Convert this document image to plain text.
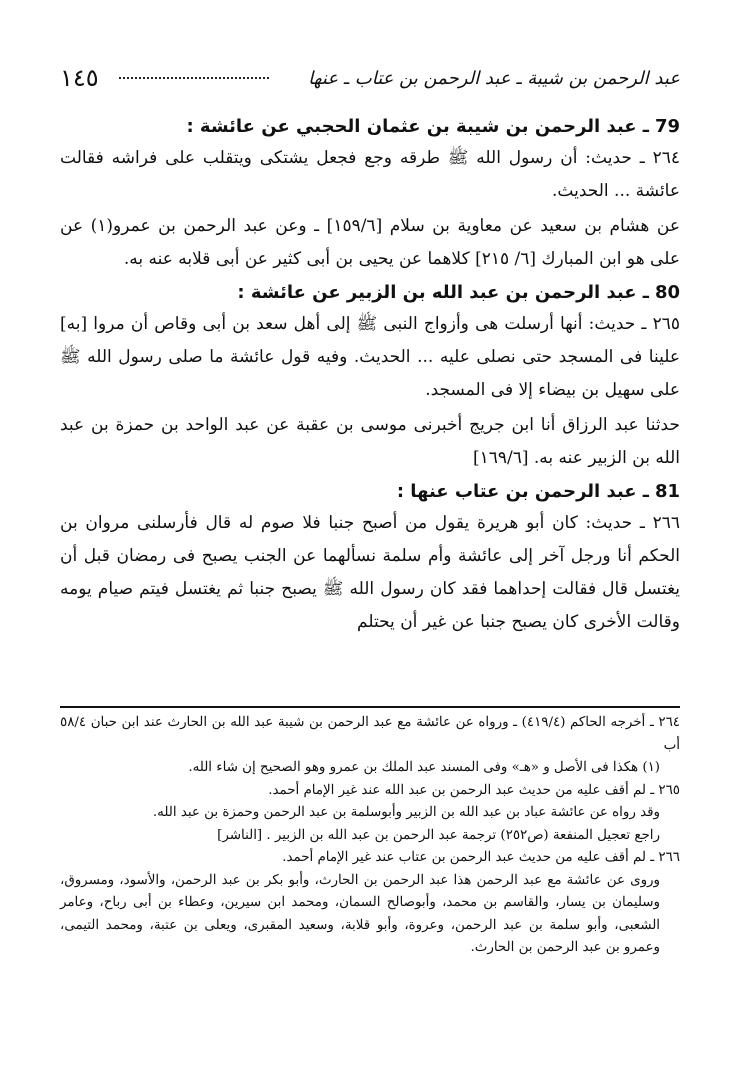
١٤٥	عبد الرحمن بن شيبة ـ عبد الرحمن بن عتاب ـ عنها

79ـ عبد الرحمن بن شيبة بن عثمان الحجبي عن عائشة :

٢٦٤ ـ حديث: أن رسول الله ﷺ طرقه وجع فجعل يشتكى ويتقلب على فراشه فقالت عائشة ... الحديث.

عن هشام بن سعيد عن معاوية بن سلام [١٥٩/٦] ـ وعن عبد الرحمن بن عمرو(١) عن على هو ابن المبارك [٦/ ٢١٥] كلاهما عن يحيى بن أبى كثير عن أبى قلابه عنه به.

80ـ عبد الرحمن بن عبد الله بن الزبير عن عائشة :

٢٦٥ ـ حديث: أنها أرسلت هى وأزواج النبى ﷺ إلى أهل سعد بن أبى وقاص أن مروا [به] علينا فى المسجد حتى نصلى عليه ... الحديث. وفيه قول عائشة ما صلى رسول الله ﷺ على سهيل بن بيضاء إلا فى المسجد.

حدثنا عبد الرزاق أنا ابن جريج أخبرنى موسى بن عقبة عن عبد الواحد بن حمزة بن عبد الله بن الزبير عنه به. [١٦٩/٦]

81ـ عبد الرحمن بن عتاب عنها :

٢٦٦ ـ حديث: كان أبو هريرة يقول من أصبح جنبا فلا صوم له قال فأرسلنى مروان بن الحكم أنا ورجل آخر إلى عائشة وأم سلمة نسألهما عن الجنب يصبح فى رمضان قبل أن يغتسل قال فقالت إحداهما فقد كان رسول الله ﷺ يصبح جنبا ثم يغتسل فيتم صيام يومه وقالت الأخرى كان يصبح جنبا عن غير أن يحتلم

٢٦٤ ـ أخرجه الحاكم (٤١٩/٤) ـ ورواه عن عائشة مع عبد الرحمن بن شيبة عبد الله بن الحارث عند ابن حبان ٥٨/٤ أب

(١) هكذا فى الأصل و «هـ» وفى المسند عبد الملك بن عمرو وهو الصحيح إن شاء الله.

٢٦٥ ـ لم أقف عليه من حديث عبد الرحمن بن عبد الله عند غير الإمام أحمد.

وقد رواه عن عائشة عباد بن عبد الله بن الزبير وأبوسلمة بن عبد الرحمن وحمزة بن عبد الله.

راجع تعجيل المنفعة (ص٢٥٢) ترجمة عبد الرحمن بن عبد الله بن الزبير . [الناشر]

٢٦٦ ـ لم أقف عليه من حديث عبد الرحمن بن عتاب عند غير الإمام أحمد.

وروى عن عائشة مع عبد الرحمن هذا عبد الرحمن بن الحارث، وأبو بكر بن عبد الرحمن، والأسود، ومسروق، وسليمان بن يسار، والقاسم بن محمد، وأبوصالح السمان، ومحمد ابن سيرين، وعطاء بن أبى رباح، وعامر الشعبى، وأبو سلمة بن عبد الرحمن، وعروة، وأبو قلابة، وسعيد المقبرى، ويعلى بن عتبة، ومحمد التيمى، وعمرو بن عبد الرحمن بن الحارث.
